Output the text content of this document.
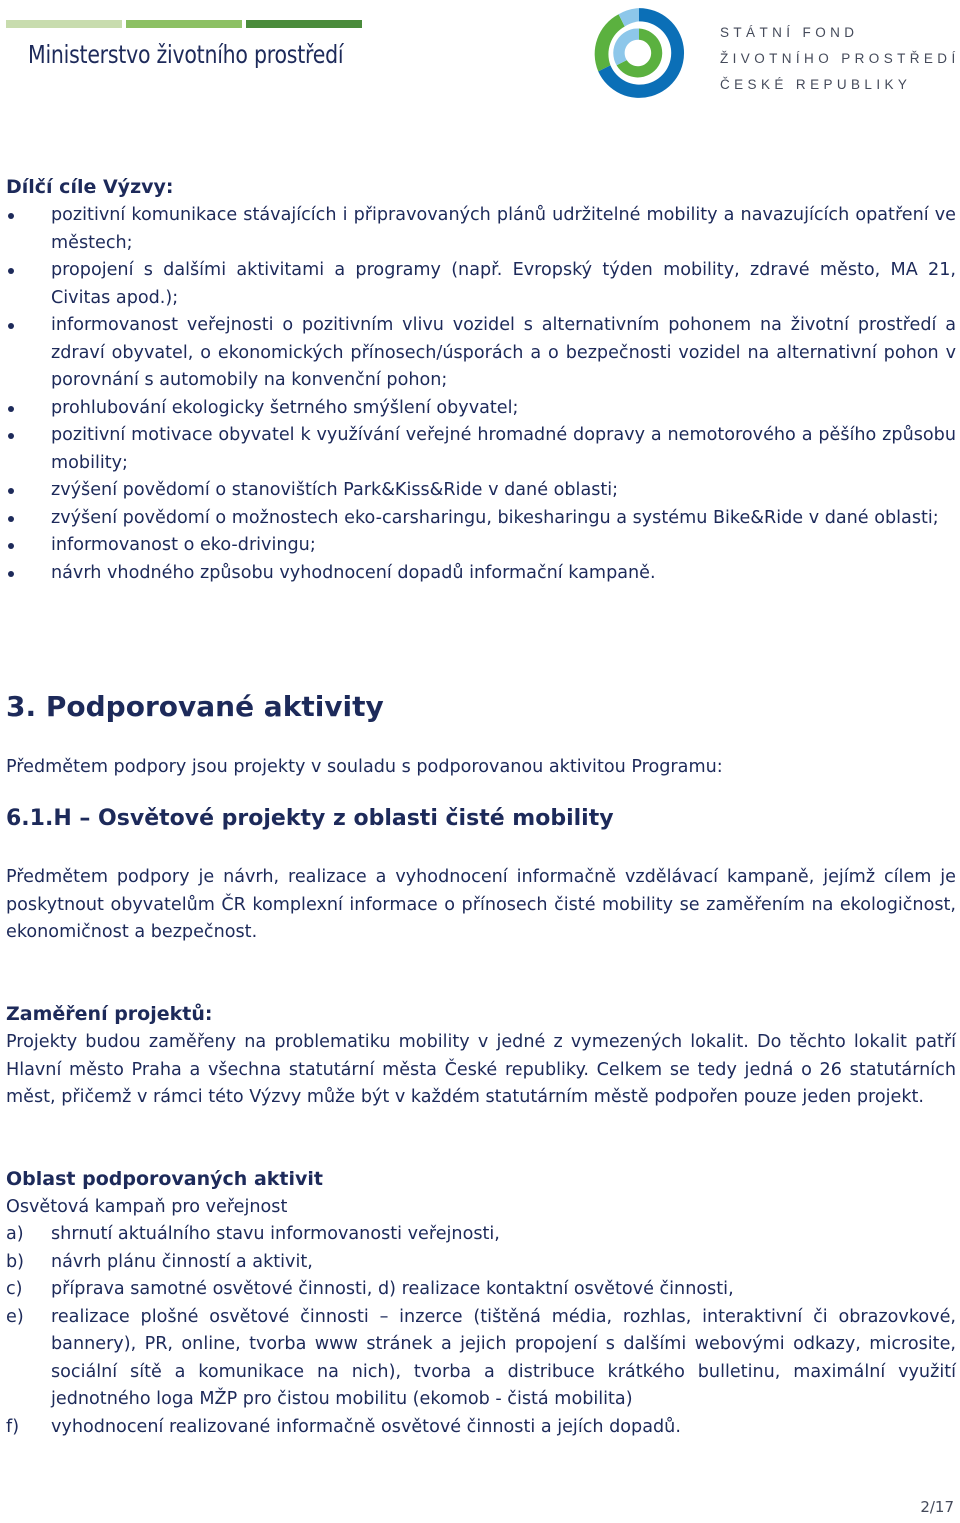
Ministerstvo životního prostředí
STÁTNÍ FOND
ŽIVOTNÍHO PROSTŘEDÍ
ČESKÉ REPUBLIKY
Dílčí cíle Výzvy:
pozitivní komunikace stávajících i připravovaných plánů udržitelné mobility a navazujících opatření ve městech;
propojení s dalšími aktivitami a programy (např. Evropský týden mobility, zdravé město, MA 21, Civitas apod.);
informovanost veřejnosti o pozitivním vlivu vozidel s alternativním pohonem na životní prostředí a zdraví obyvatel, o ekonomických přínosech/úsporách a o bezpečnosti vozidel na alternativní pohon v porovnání s automobily na konvenční pohon;
prohlubování ekologicky šetrného smýšlení obyvatel;
pozitivní motivace obyvatel k využívání veřejné hromadné dopravy a nemotorového a pěšího způsobu mobility;
zvýšení povědomí o stanovištích Park&Kiss&Ride v dané oblasti;
zvýšení povědomí o možnostech eko-carsharingu, bikesharingu a systému Bike&Ride v dané oblasti;
informovanost o eko-drivingu;
návrh vhodného způsobu vyhodnocení dopadů informační kampaně.
3. Podporované aktivity
Předmětem podpory jsou projekty v souladu s podporovanou aktivitou Programu:
6.1.H – Osvětové projekty z oblasti čisté mobility
Předmětem podpory je návrh, realizace a vyhodnocení informačně vzdělávací kampaně, jejímž cílem je poskytnout obyvatelům ČR komplexní informace o přínosech čisté mobility se zaměřením na ekologičnost, ekonomičnost a bezpečnost.
Zaměření projektů:
Projekty budou zaměřeny na problematiku mobility v jedné z vymezených lokalit. Do těchto lokalit patří Hlavní město Praha a všechna statutární města České republiky. Celkem se tedy jedná o 26 statutárních měst, přičemž v rámci této Výzvy může být v každém statutárním městě podpořen pouze jeden projekt.
Oblast podporovaných aktivit
Osvětová kampaň pro veřejnost
a) shrnutí aktuálního stavu informovanosti veřejnosti,
b) návrh plánu činností a aktivit,
c) příprava samotné osvětové činnosti, d) realizace kontaktní osvětové činnosti,
e) realizace plošné osvětové činnosti – inzerce (tištěná média, rozhlas, interaktivní či obrazovkové, bannery), PR, online, tvorba www stránek a jejich propojení s dalšími webovými odkazy, microsite, sociální sítě a komunikace na nich), tvorba a distribuce krátkého bulletinu, maximální využití jednotného loga MŽP pro čistou mobilitu (ekomob - čistá mobilita)
f) vyhodnocení realizované informačně osvětové činnosti a jejích dopadů.
2/17
